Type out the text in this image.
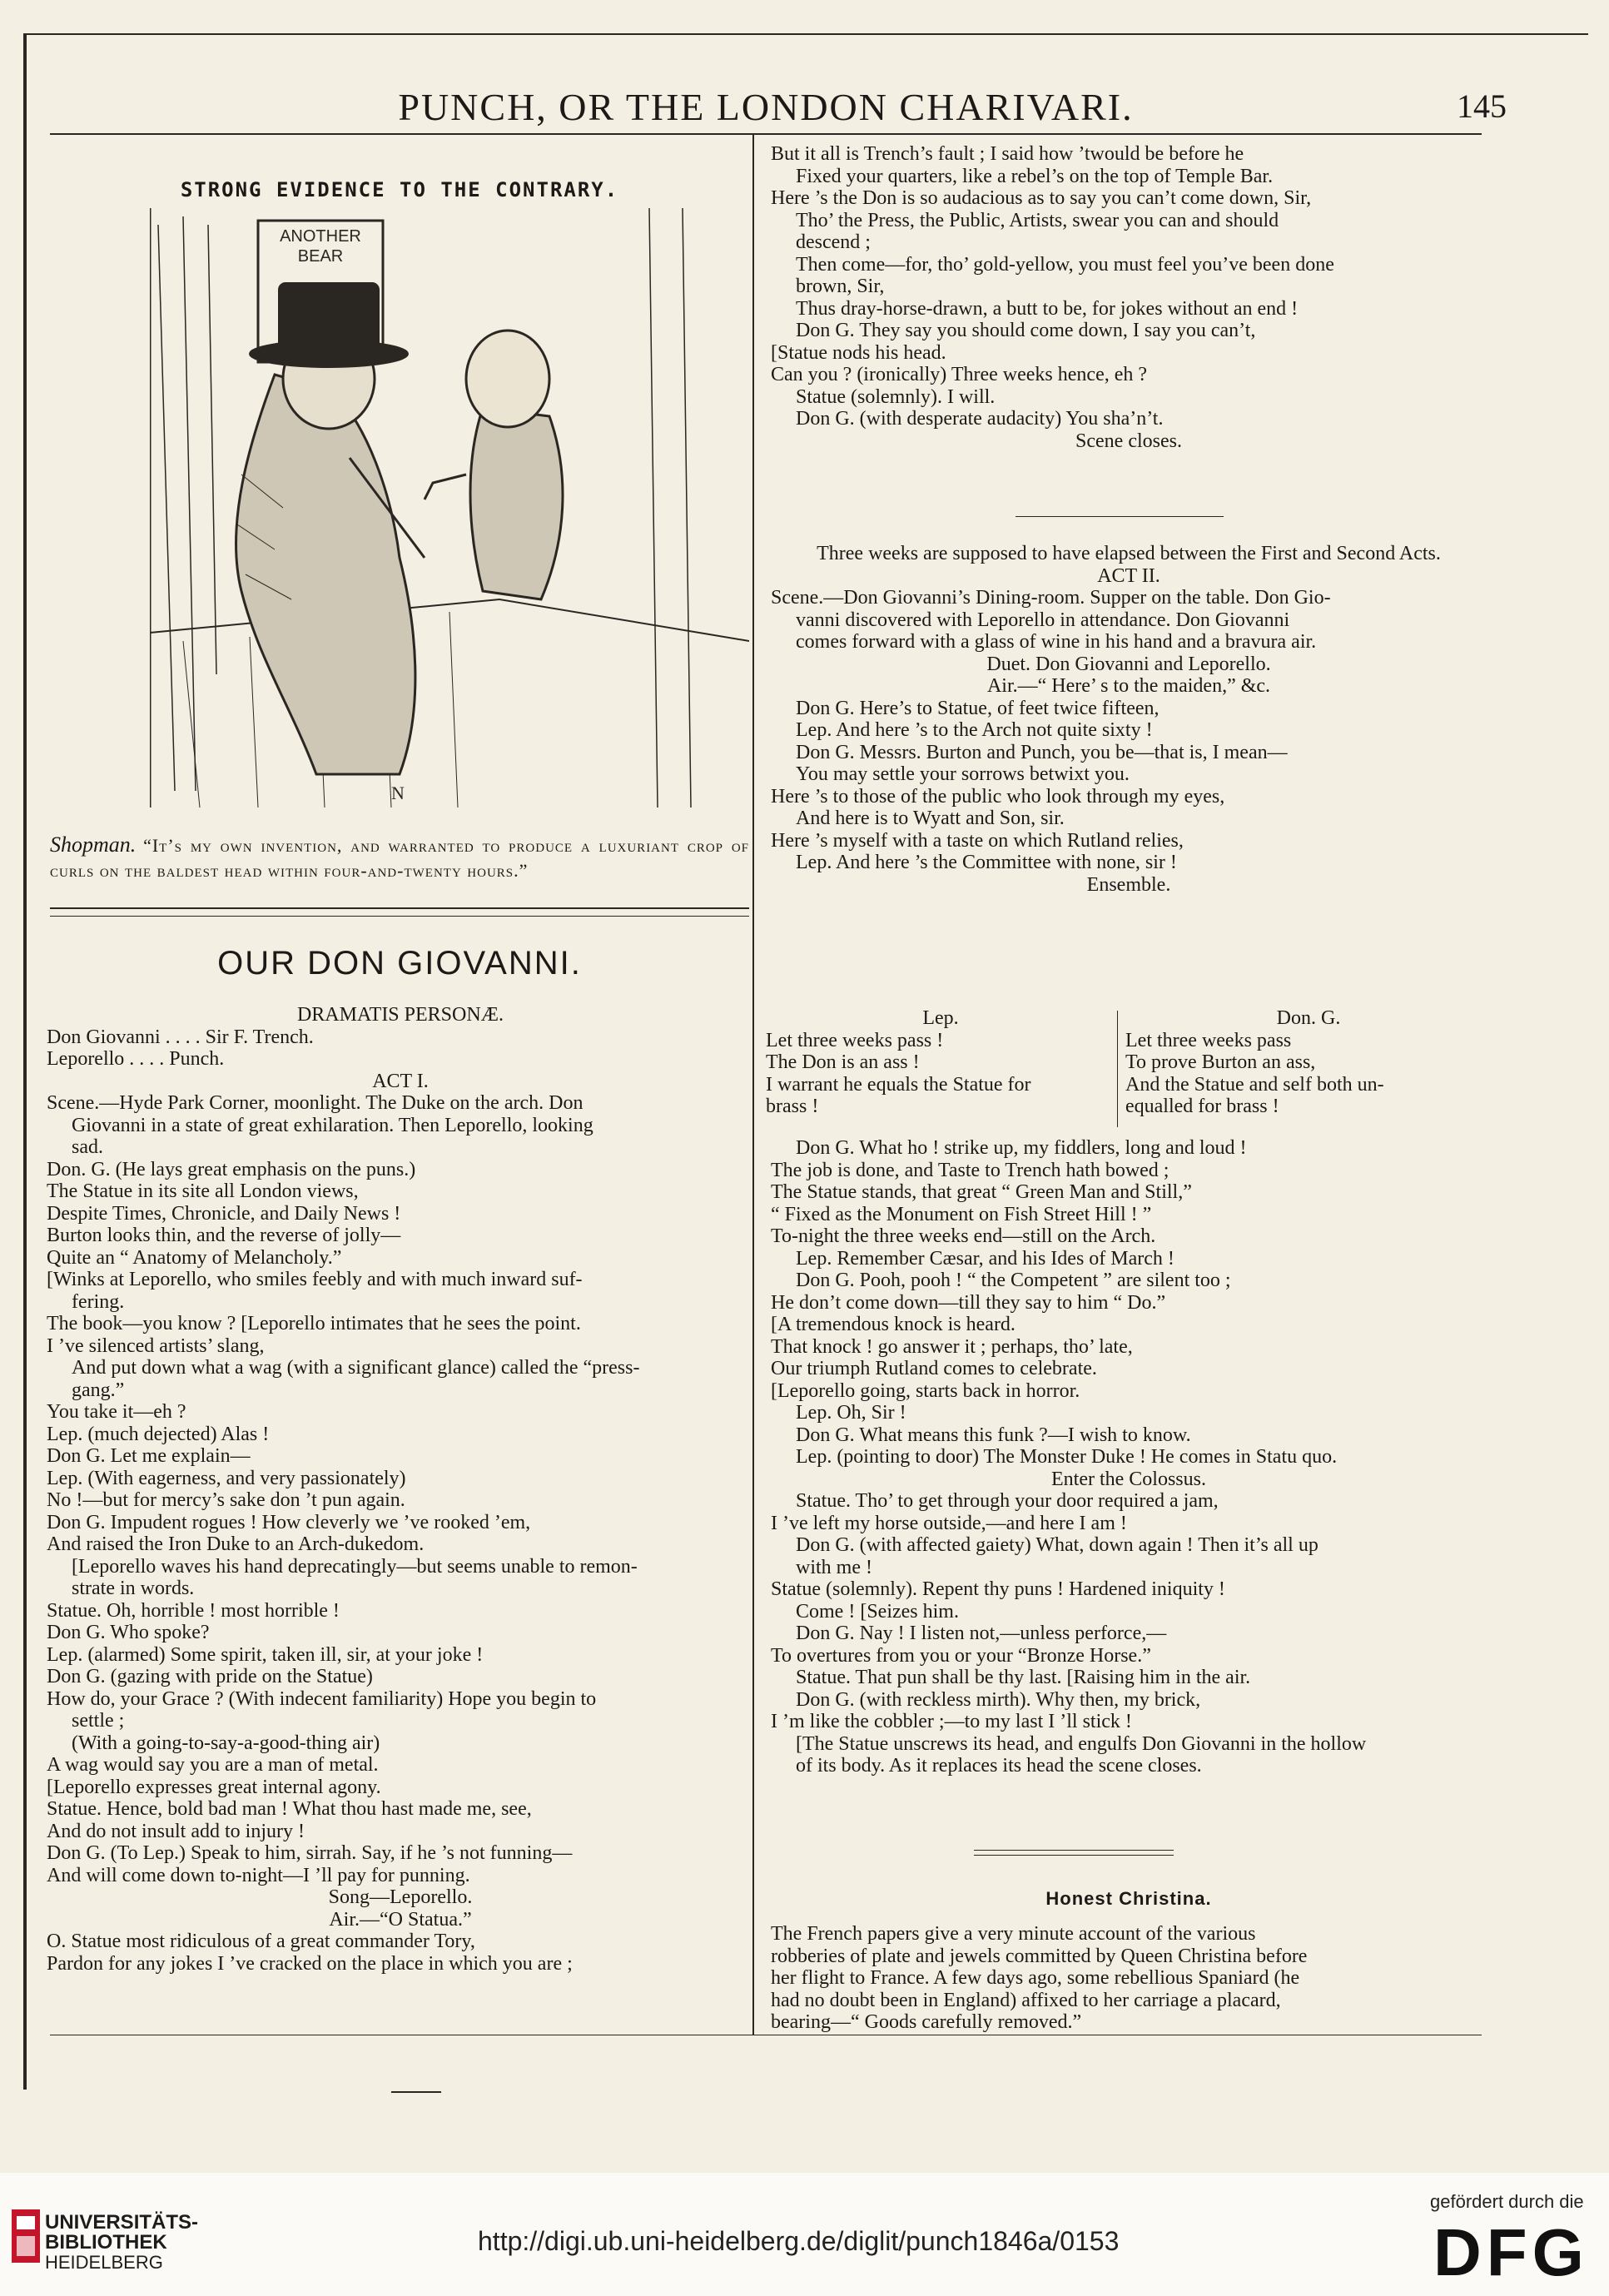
PUNCH, OR THE LONDON CHARIVARI.	145
STRONG EVIDENCE TO THE CONTRARY.
ANOTHER
BEAR
JUST
SLAUGHTERED
N
Shopman. “It’s my own invention, and warranted to produce a luxuriant crop of curls on the baldest head within four-and-twenty hours.”
OUR DON GIOVANNI.
DRAMATIS PERSONÆ.
Don Giovanni . . . . Sir F. Trench.
Leporello . . . . Punch.
ACT I.
Scene.—Hyde Park Corner, moonlight. The Duke on the arch. Don
Giovanni in a state of great exhilaration. Then Leporello, looking
sad.
Don. G. (He lays great emphasis on the puns.)
The Statue in its site all London views,
Despite Times, Chronicle, and Daily News !
Burton looks thin, and the reverse of jolly—
Quite an “ Anatomy of Melancholy.”
[Winks at Leporello, who smiles feebly and with much inward suf-
fering.
The book—you know ? [Leporello intimates that he sees the point.
I ’ve silenced artists’ slang,
And put down what a wag (with a significant glance) called the “press-
gang.”
You take it—eh ?
Lep. (much dejected) Alas !
Don G. Let me explain—
Lep. (With eagerness, and very passionately)
No !—but for mercy’s sake don ’t pun again.
Don G. Impudent rogues ! How cleverly we ’ve rooked ’em,
And raised the Iron Duke to an Arch-dukedom.
[Leporello waves his hand deprecatingly—but seems unable to remon-
strate in words.
Statue. Oh, horrible ! most horrible !
Don G. Who spoke?
Lep. (alarmed) Some spirit, taken ill, sir, at your joke !
Don G. (gazing with pride on the Statue)
How do, your Grace ? (With indecent familiarity) Hope you begin to
settle ;
(With a going-to-say-a-good-thing air)
A wag would say you are a man of metal.
[Leporello expresses great internal agony.
Statue. Hence, bold bad man ! What thou hast made me, see,
And do not insult add to injury !
Don G. (To Lep.) Speak to him, sirrah. Say, if he ’s not funning—
And will come down to-night—I ’ll pay for punning.
Song—Leporello.
Air.—“O Statua.”
O. Statue most ridiculous of a great commander Tory,
Pardon for any jokes I ’ve cracked on the place in which you are ;
But it all is Trench’s fault ; I said how ’twould be before he
Fixed your quarters, like a rebel’s on the top of Temple Bar.
Here ’s the Don is so audacious as to say you can’t come down, Sir,
Tho’ the Press, the Public, Artists, swear you can and should
descend ;
Then come—for, tho’ gold-yellow, you must feel you’ve been done
brown, Sir,
Thus dray-horse-drawn, a butt to be, for jokes without an end !
Don G. They say you should come down, I say you can’t,
[Statue nods his head.
Can you ? (ironically) Three weeks hence, eh ?
Statue (solemnly). I will.
Don G. (with desperate audacity) You sha’n’t.
Scene closes.
Three weeks are supposed to have elapsed between the First and Second Acts.
ACT II.
Scene.—Don Giovanni’s Dining-room. Supper on the table. Don Gio-
vanni discovered with Leporello in attendance. Don Giovanni
comes forward with a glass of wine in his hand and a bravura air.
Duet. Don Giovanni and Leporello.
Air.—“ Here’ s to the maiden,” &c.
Don G. Here’s to Statue, of feet twice fifteen,
Lep. And here ’s to the Arch not quite sixty !
Don G. Messrs. Burton and Punch, you be—that is, I mean—
You may settle your sorrows betwixt you.
Here ’s to those of the public who look through my eyes,
And here is to Wyatt and Son, sir.
Here ’s myself with a taste on which Rutland relies,
Lep. And here ’s the Committee with none, sir !
Ensemble.
Lep.
Let three weeks pass !
The Don is an ass !
I warrant he equals the Statue for
brass !
Don. G.
Let three weeks pass
To prove Burton an ass,
And the Statue and self both un-
equalled for brass !
Don G. What ho ! strike up, my fiddlers, long and loud !
The job is done, and Taste to Trench hath bowed ;
The Statue stands, that great “ Green Man and Still,”
“ Fixed as the Monument on Fish Street Hill ! ”
To-night the three weeks end—still on the Arch.
Lep. Remember Cæsar, and his Ides of March !
Don G. Pooh, pooh ! “ the Competent ” are silent too ;
He don’t come down—till they say to him “ Do.”
[A tremendous knock is heard.
That knock ! go answer it ; perhaps, tho’ late,
Our triumph Rutland comes to celebrate.
[Leporello going, starts back in horror.
Lep. Oh, Sir !
Don G. What means this funk ?—I wish to know.
Lep. (pointing to door) The Monster Duke ! He comes in Statu quo.
Enter the Colossus.
Statue. Tho’ to get through your door required a jam,
I ’ve left my horse outside,—and here I am !
Don G. (with affected gaiety) What, down again ! Then it’s all up
with me !
Statue (solemnly). Repent thy puns ! Hardened iniquity !
Come ! [Seizes him.
Don G. Nay ! I listen not,—unless perforce,—
To overtures from you or your “Bronze Horse.”
Statue. That pun shall be thy last. [Raising him in the air.
Don G. (with reckless mirth). Why then, my brick,
I ’m like the cobbler ;—to my last I ’ll stick !
[The Statue unscrews its head, and engulfs Don Giovanni in the hollow
of its body. As it replaces its head the scene closes.
Honest Christina.
The French papers give a very minute account of the various
robberies of plate and jewels committed by Queen Christina before
her flight to France. A few days ago, some rebellious Spaniard (he
had no doubt been in England) affixed to her carriage a placard,
bearing—“ Goods carefully removed.”
UNIVERSITÄTS-
BIBLIOTHEK
HEIDELBERG
http://digi.ub.uni-heidelberg.de/diglit/punch1846a/0153
gefördert durch die
DFG
